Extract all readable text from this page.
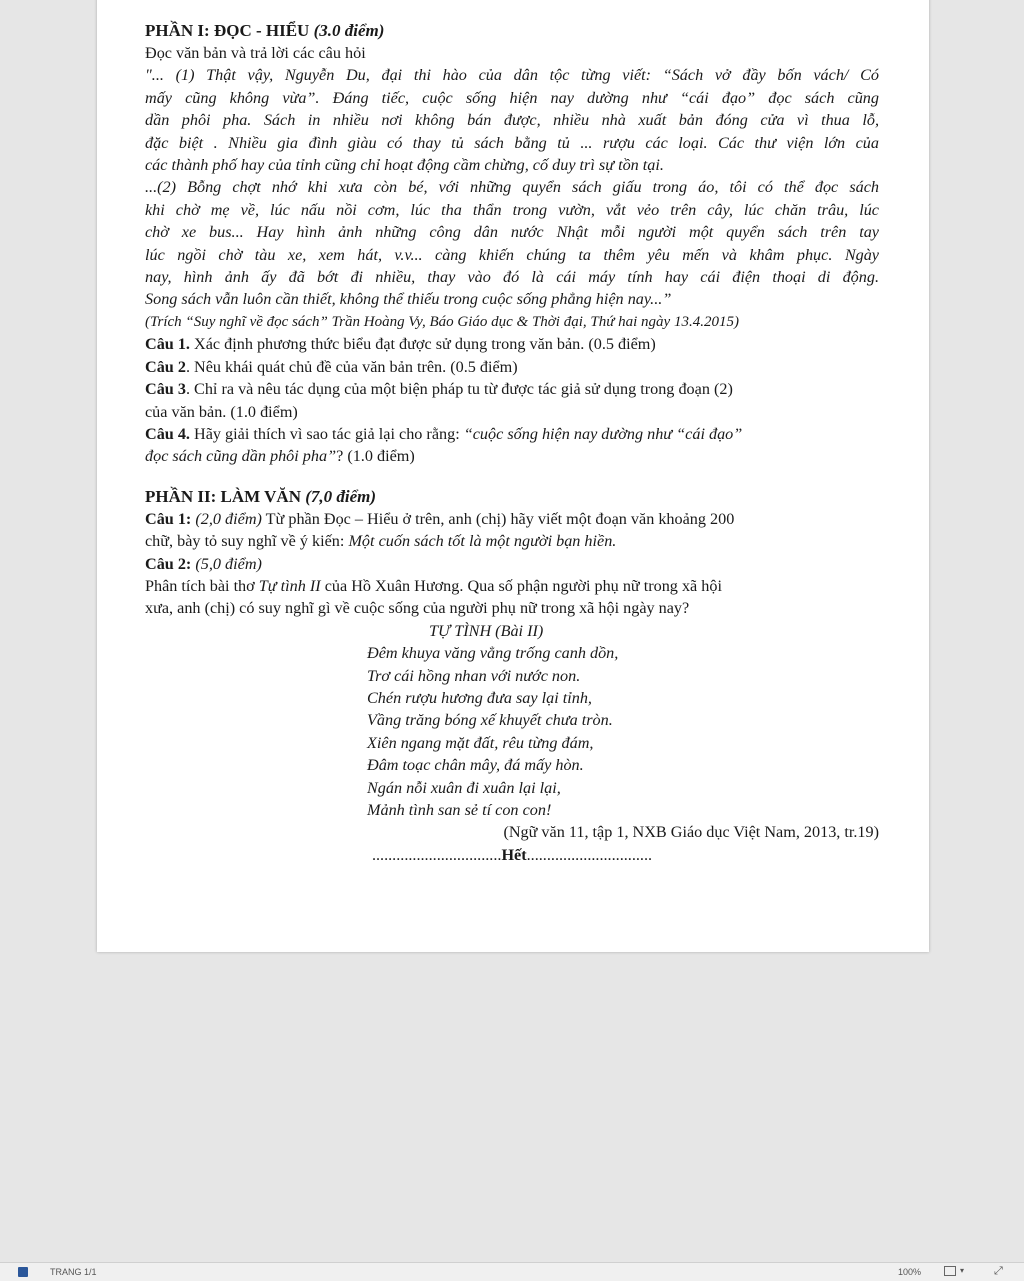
PHẦN I: ĐỌC - HIỂU (3.0 điểm)
Đọc văn bản và trả lời các câu hỏi
"... (1) Thật vậy, Nguyễn Du, đại thi hào của dân tộc từng viết: “Sách vở đầy bốn vách/ Có
mấy cũng không vừa”. Đáng tiếc, cuộc sống hiện nay dường như “cái đạo” đọc sách cũng
dần phôi pha. Sách in nhiều nơi không bán được, nhiều nhà xuất bản đóng cửa vì thua lỗ,
đặc biệt . Nhiều gia đình giàu có thay tủ sách bằng tủ ... rượu các loại. Các thư viện lớn của
các thành phố hay của tỉnh cũng chỉ hoạt động cầm chừng, cố duy trì sự tồn tại.
...(2) Bỗng chợt nhớ khi xưa còn bé, với những quyển sách giấu trong áo, tôi có thể đọc sách
khi chờ mẹ về, lúc nấu nồi cơm, lúc tha thẩn trong vườn, vắt vẻo trên cây, lúc chăn trâu, lúc
chờ xe bus... Hay hình ảnh những công dân nước Nhật mỗi người một quyển sách trên tay
lúc ngồi chờ tàu xe, xem hát, v.v... càng khiến chúng ta thêm yêu mến và khâm phục. Ngày
nay, hình ảnh ấy đã bớt đi nhiều, thay vào đó là cái máy tính hay cái điện thoại di động.
Song sách vẫn luôn cần thiết, không thể thiếu trong cuộc sống phẳng hiện nay...”
(Trích “Suy nghĩ về đọc sách” Trần Hoàng Vy, Báo Giáo dục & Thời đại, Thứ hai ngày 13.4.2015)
Câu 1. Xác định phương thức biểu đạt được sử dụng trong văn bản. (0.5 điểm)
Câu 2. Nêu khái quát chủ đề của văn bản trên. (0.5 điểm)
Câu 3. Chỉ ra và nêu tác dụng của một biện pháp tu từ được tác giả sử dụng trong đoạn (2)
của văn bản. (1.0 điểm)
Câu 4. Hãy giải thích vì sao tác giả lại cho rằng: “cuộc sống hiện nay dường như “cái đạo”
đọc sách cũng dần phôi pha”? (1.0 điểm)
PHẦN II: LÀM VĂN (7,0 điểm)
Câu 1: (2,0 điểm) Từ phần Đọc – Hiểu ở trên, anh (chị) hãy viết một đoạn văn khoảng 200
chữ, bày tỏ suy nghĩ về ý kiến: Một cuốn sách tốt là một người bạn hiền.
Câu 2: (5,0 điểm)
Phân tích bài thơ Tự tình II của Hồ Xuân Hương. Qua số phận người phụ nữ trong xã hội
xưa, anh (chị) có suy nghĩ gì về cuộc sống của người phụ nữ trong xã hội ngày nay?
TỰ TÌNH (Bài II)
Đêm khuya văng vẳng trống canh dồn,
Trơ cái hồng nhan với nước non.
Chén rượu hương đưa say lại tỉnh,
Vầng trăng bóng xế khuyết chưa tròn.
Xiên ngang mặt đất, rêu từng đám,
Đâm toạc chân mây, đá mấy hòn.
Ngán nỗi xuân đi xuân lại lại,
Mảnh tình san sẻ tí con con!
(Ngữ văn 11, tập 1, NXB Giáo dục Việt Nam, 2013, tr.19)
................................Hết...............................
TRANG 1/1	100%	▾	⤢
